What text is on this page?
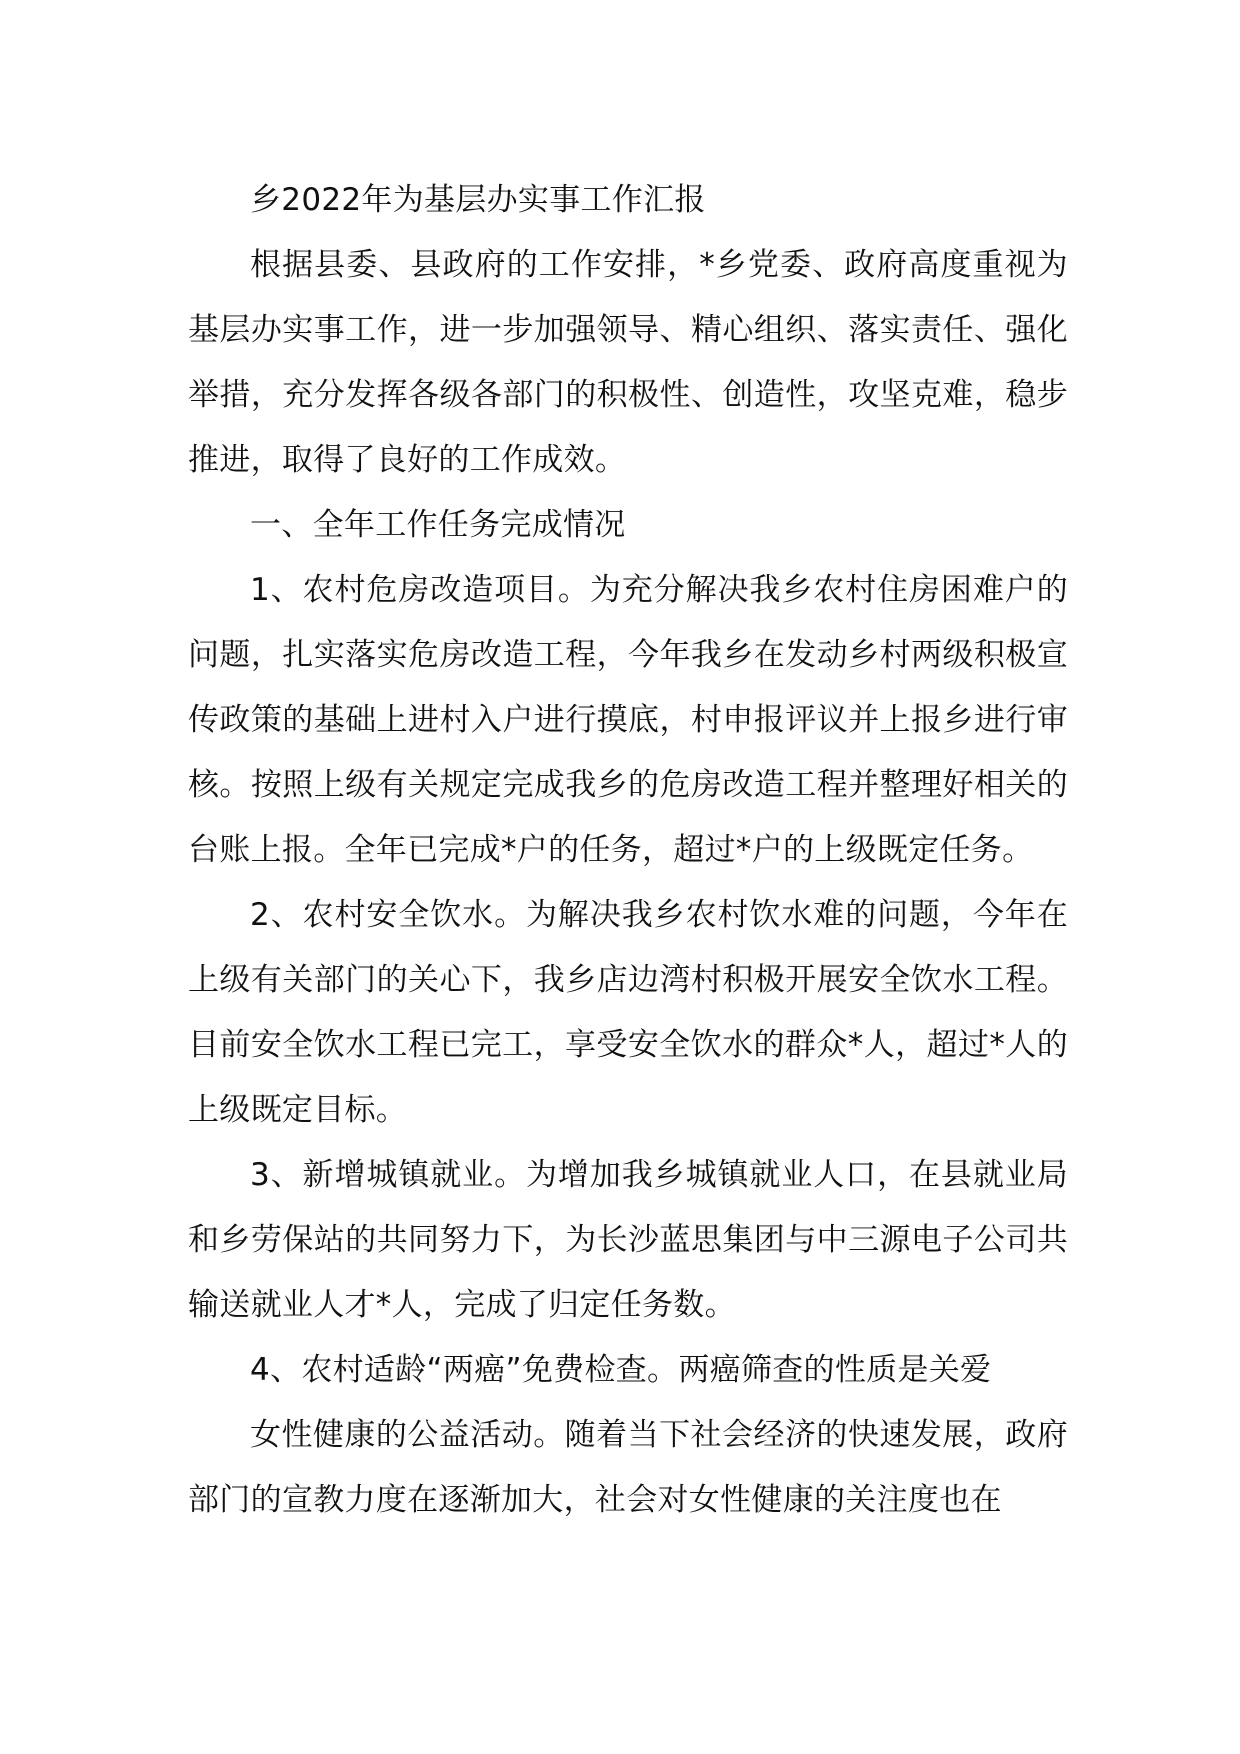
乡2022年为基层办实事工作汇报

根据县委、县政府的工作安排，*乡党委、政府高度重视为基层办实事工作，进一步加强领导、精心组织、落实责任、强化举措，充分发挥各级各部门的积极性、创造性，攻坚克难，稳步推进，取得了良好的工作成效。

一、全年工作任务完成情况

1、农村危房改造项目。为充分解决我乡农村住房困难户的问题，扎实落实危房改造工程，今年我乡在发动乡村两级积极宣传政策的基础上进村入户进行摸底，村申报评议并上报乡进行审核。按照上级有关规定完成我乡的危房改造工程并整理好相关的台账上报。全年已完成*户的任务，超过*户的上级既定任务。

2、农村安全饮水。为解决我乡农村饮水难的问题，今年在上级有关部门的关心下，我乡店边湾村积极开展安全饮水工程。目前安全饮水工程已完工，享受安全饮水的群众*人，超过*人的上级既定目标。

3、新增城镇就业。为增加我乡城镇就业人口，在县就业局和乡劳保站的共同努力下，为长沙蓝思集团与中三源电子公司共输送就业人才*人，完成了归定任务数。

4、农村适龄“两癌”免费检查。两癌筛查的性质是关爱

女性健康的公益活动。随着当下社会经济的快速发展，政府部门的宣教力度在逐渐加大，社会对女性健康的关注度也在
